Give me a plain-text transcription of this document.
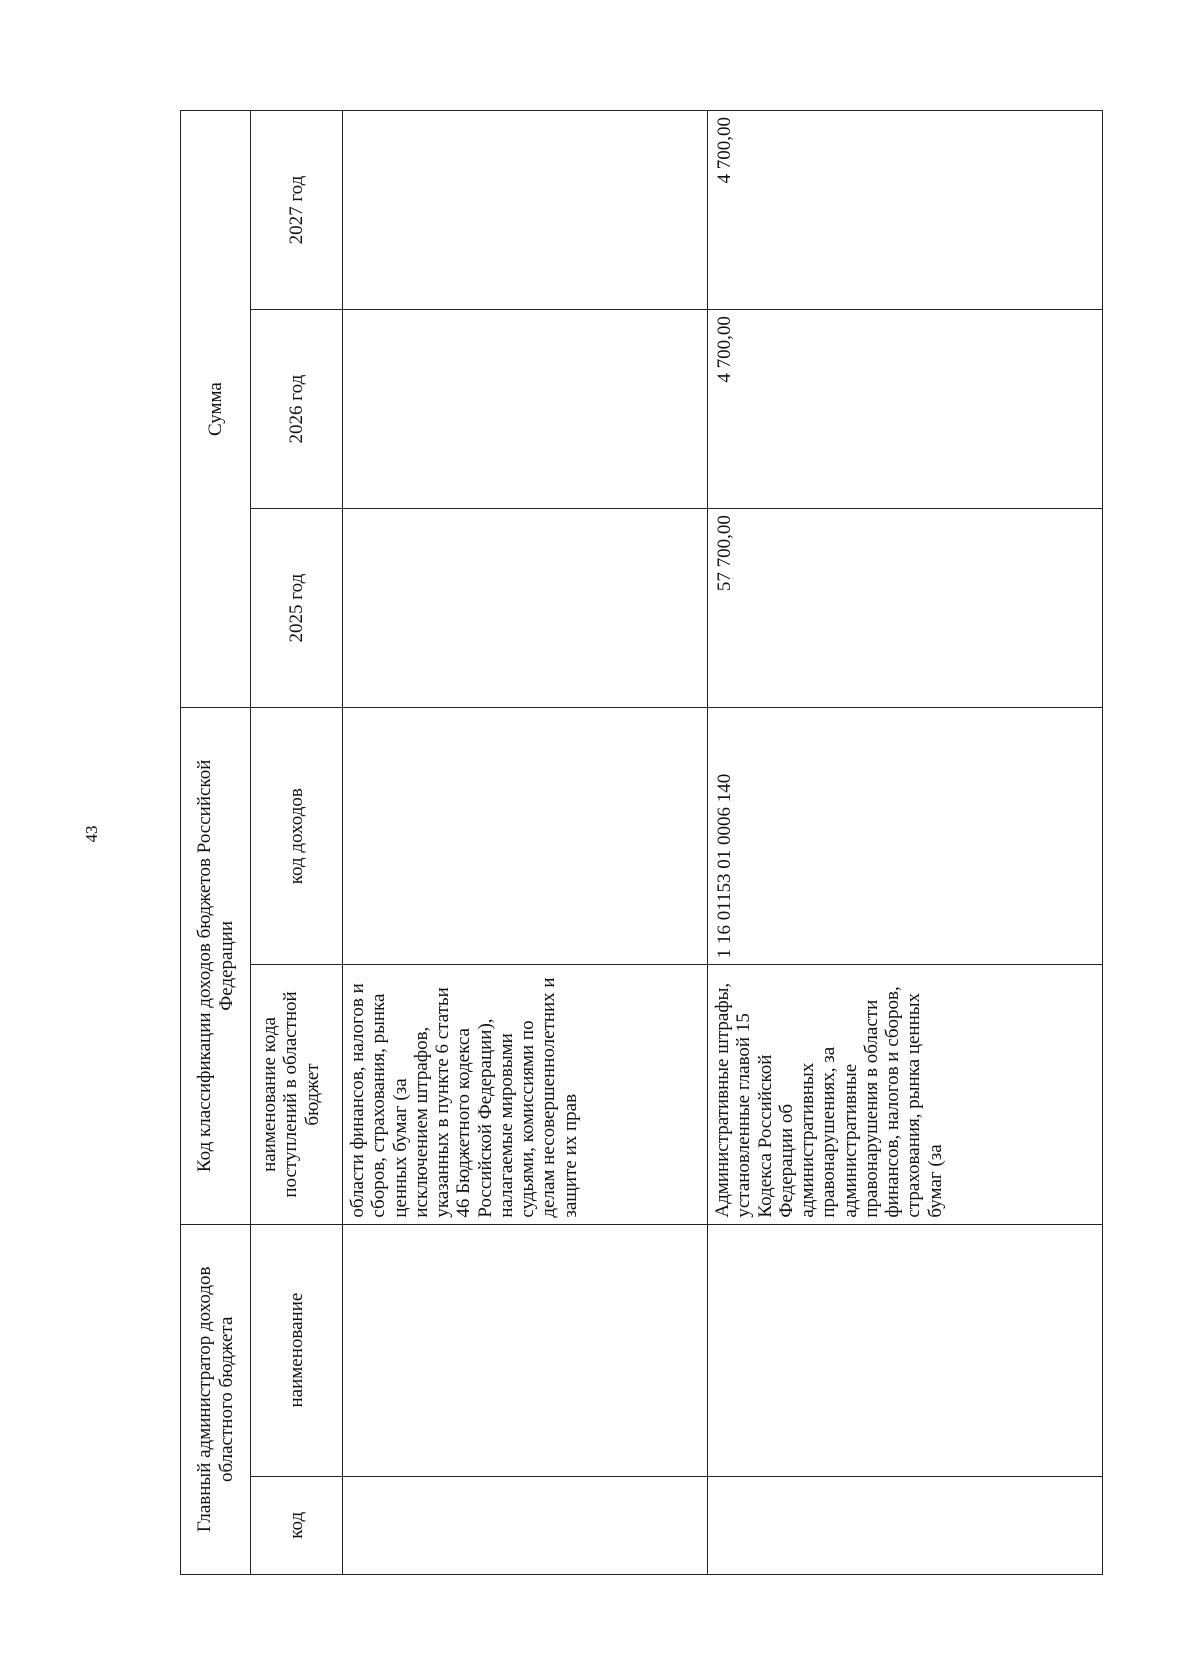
43
Главный администратор доходов областного бюджета		Код классификации доходов бюджетов Российской Федерации		Сумма		
код	наименование	наименование кода поступлений в областной бюджет	код доходов	2025 год	2026 год	2027 год
		области финансов, налогов и сборов, страхования, рынка ценных бумаг (за исключением штрафов, указанных в пункте 6 статьи 46 Бюджетного кодекса Российской Федерации), налагаемые мировыми судьями, комиссиями по делам несовершеннолетних и защите их прав				
		Административные штрафы, установленные главой 15 Кодекса Российской Федерации об административных правонарушениях, за административные правонарушения в области финансов, налогов и сборов, страхования, рынка ценных бумаг (за	1 16 01153 01 0006 140	57 700,00	4 700,00	4 700,00
